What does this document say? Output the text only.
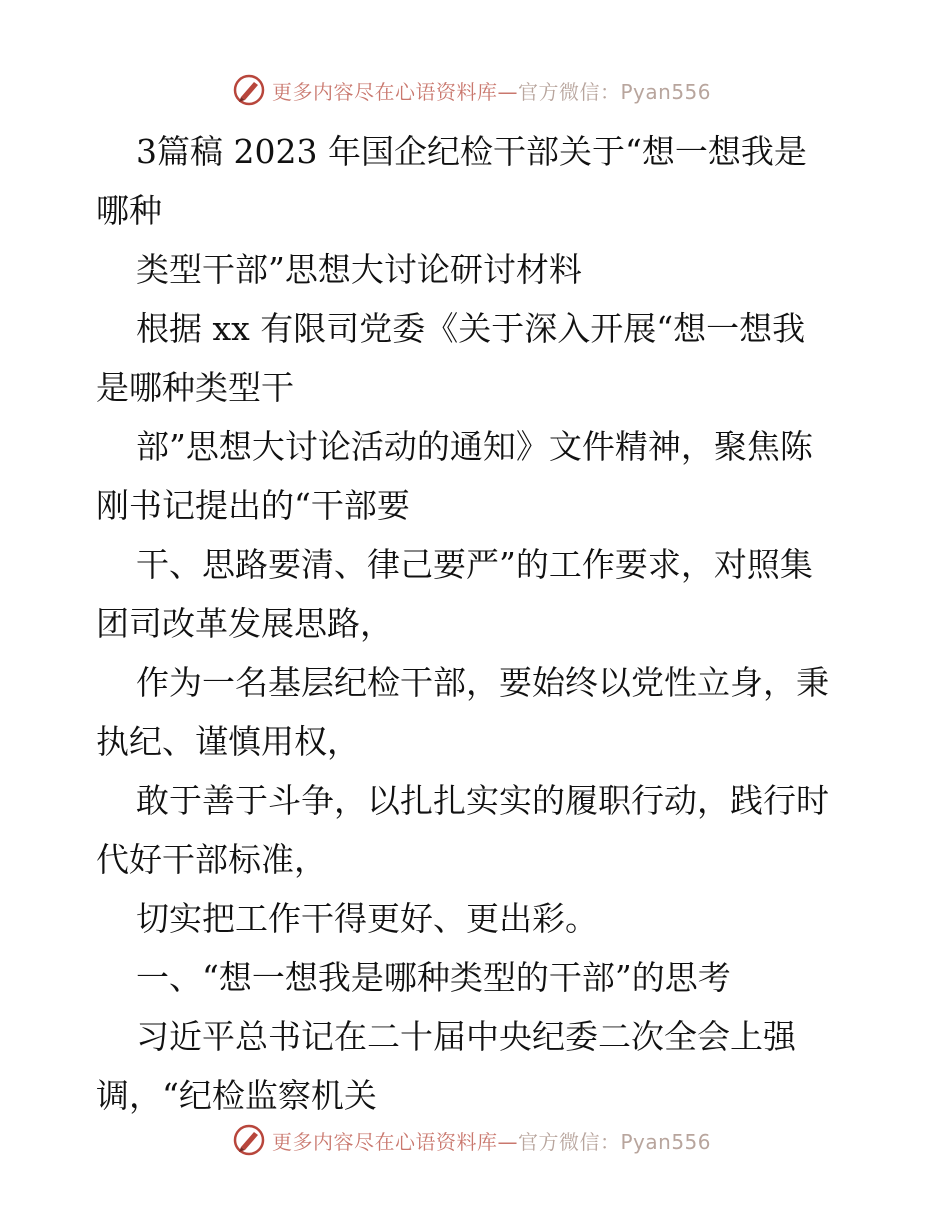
更多内容尽在心语资料库—官方微信：Pyan556
3篇稿 2023 年国企纪检干部关于“想一想我是
哪种
类型干部”思想大讨论研讨材料
根据 xx 有限司党委《关于深入开展“想一想我
是哪种类型干
部”思想大讨论活动的通知》文件精神，聚焦陈
刚书记提出的“干部要
干、思路要清、律己要严”的工作要求，对照集
团司改革发展思路，
作为一名基层纪检干部，要始终以党性立身，秉
执纪、谨慎用权，
敢于善于斗争，以扎扎实实的履职行动，践行时
代好干部标准，
切实把工作干得更好、更出彩。
一、“想一想我是哪种类型的干部”的思考
习近平总书记在二十届中央纪委二次全会上强
调，“纪检监察机关
更多内容尽在心语资料库—官方微信：Pyan556
